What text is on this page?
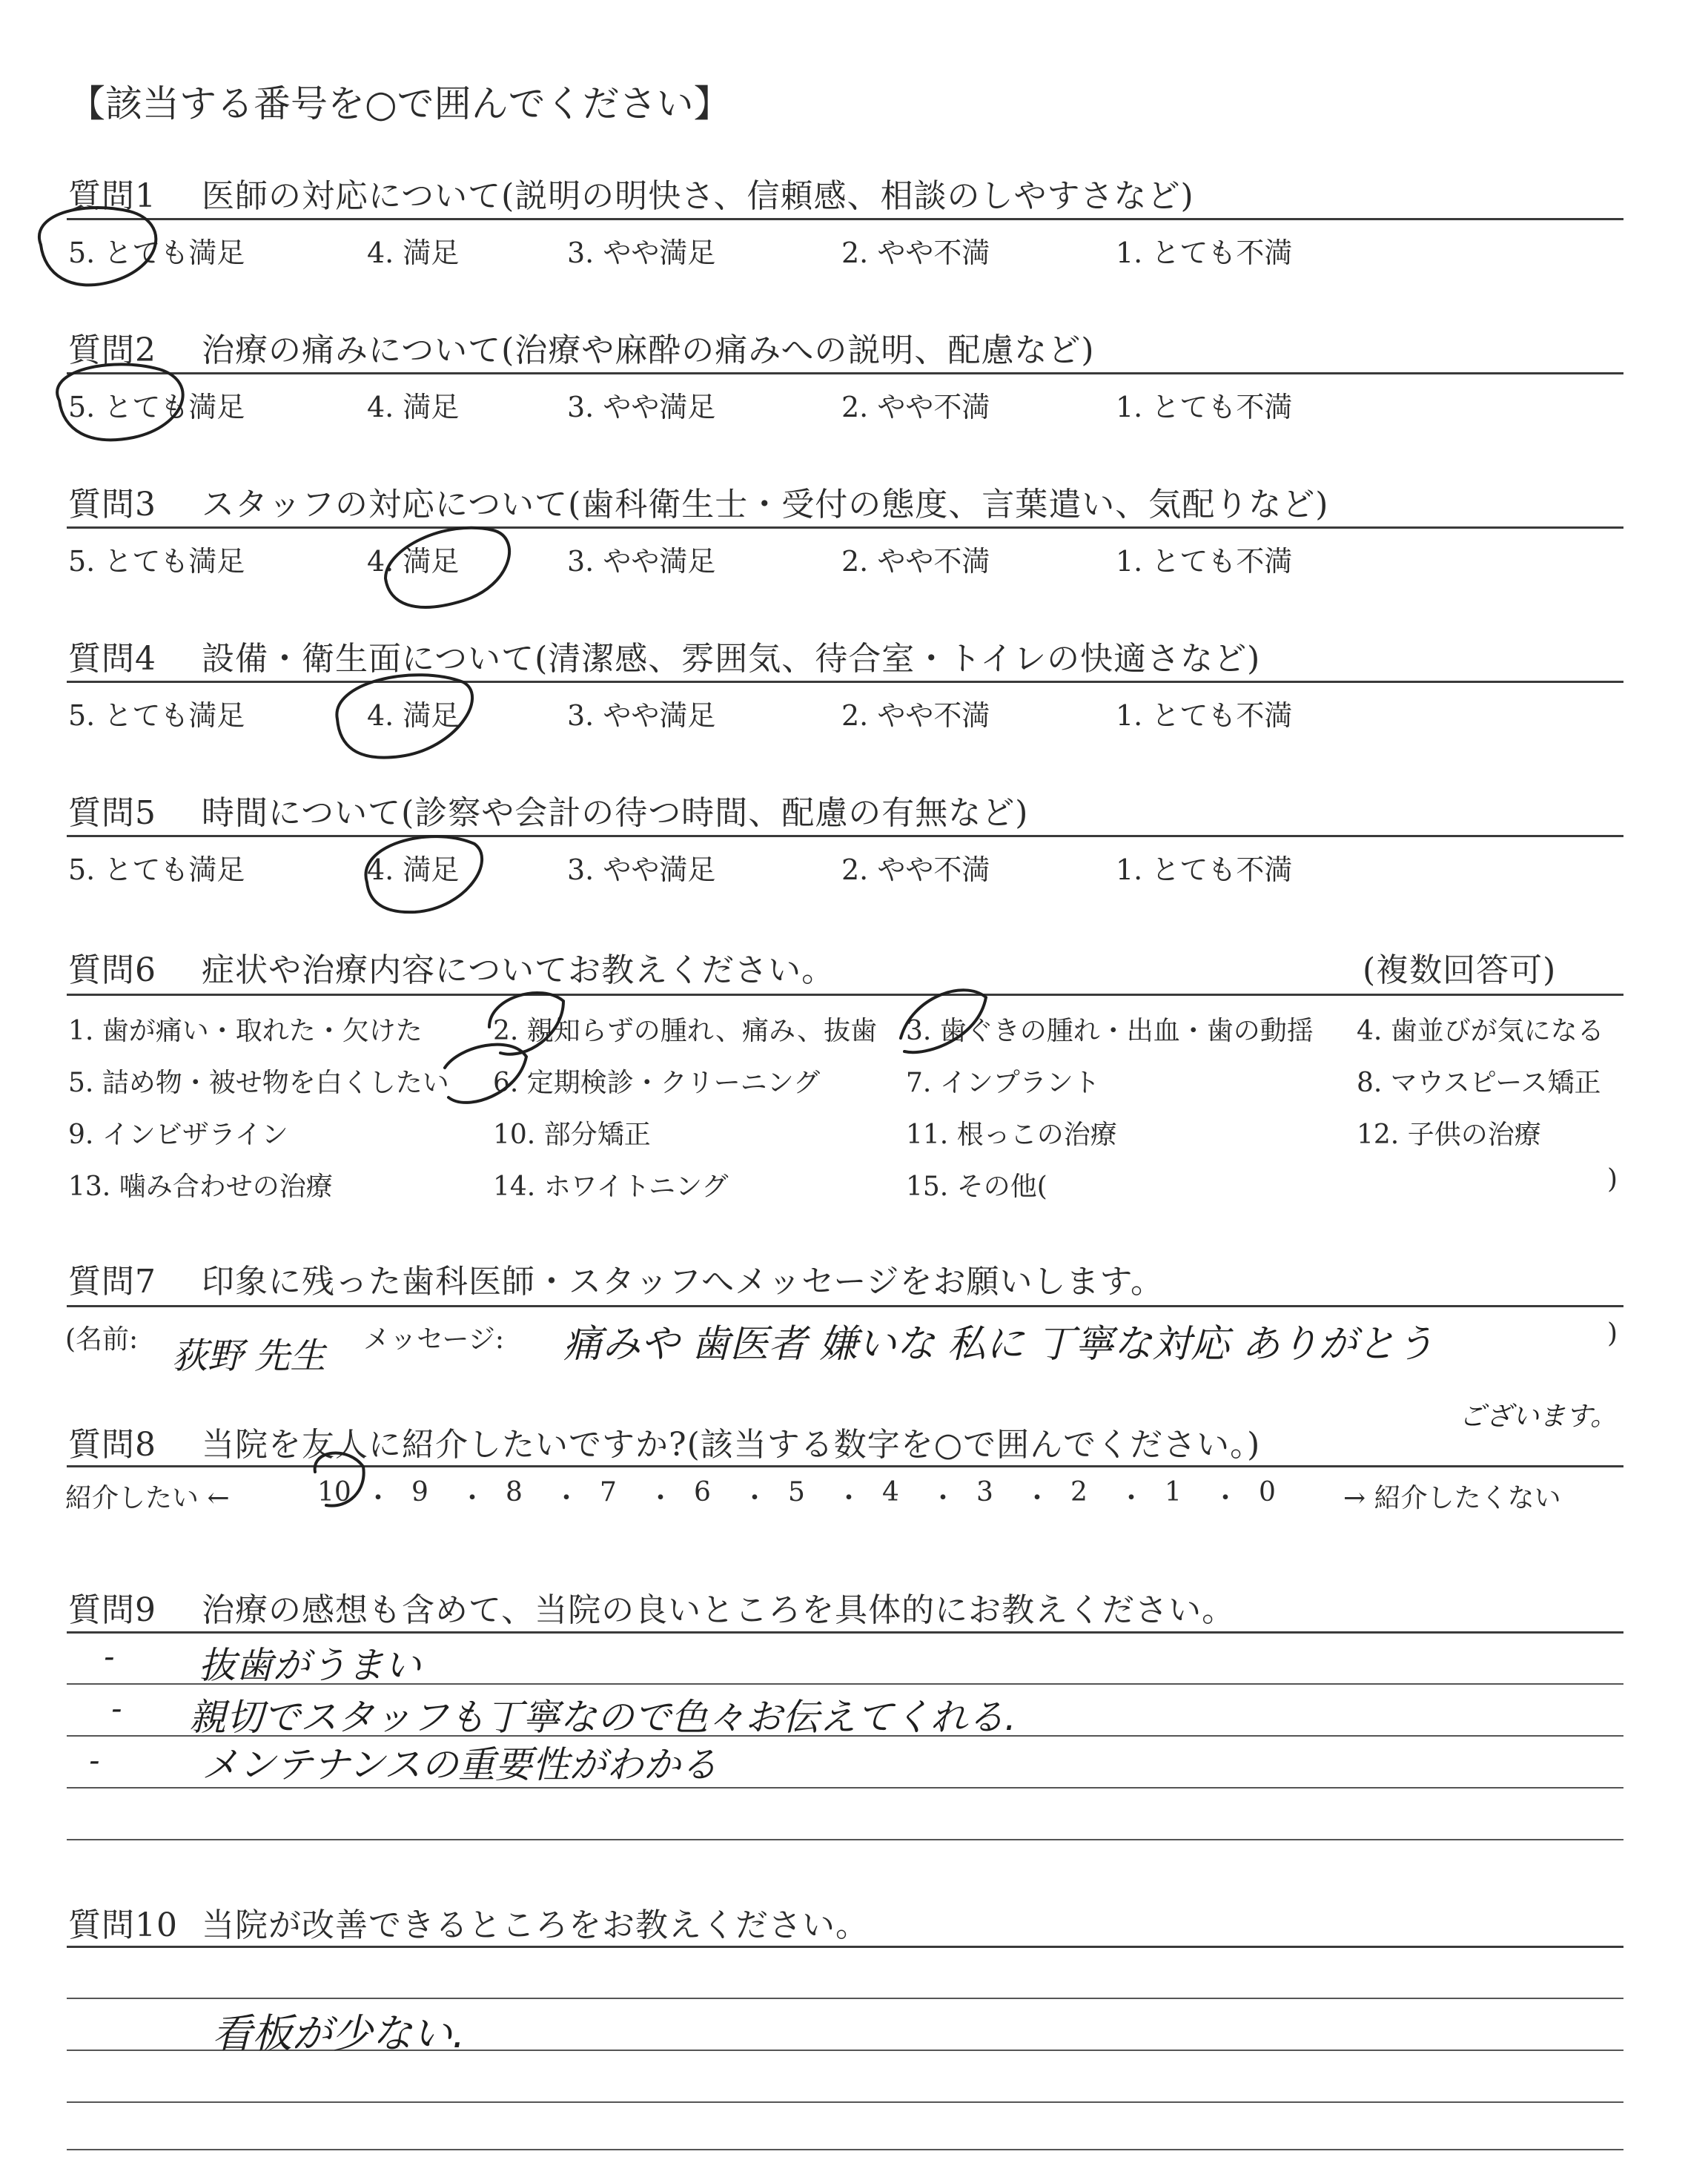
【該当する番号を○で囲んでください】
質問1 医師の対応について(説明の明快さ、信頼感、相談のしやすさなど)
5. とても満足	4. 満足	3. やや満足	2. やや不満	1. とても不満
質問2 治療の痛みについて(治療や麻酔の痛みへの説明、配慮など)
5. とても満足	4. 満足	3. やや満足	2. やや不満	1. とても不満
質問3 スタッフの対応について(歯科衛生士・受付の態度、言葉遣い、気配りなど)
5. とても満足	4. 満足	3. やや満足	2. やや不満	1. とても不満
質問4 設備・衛生面について(清潔感、雰囲気、待合室・トイレの快適さなど)
5. とても満足	4. 満足	3. やや満足	2. やや不満	1. とても不満
質問5 時間について(診察や会計の待つ時間、配慮の有無など)
5. とても満足	4. 満足	3. やや満足	2. やや不満	1. とても不満
質問6 症状や治療内容についてお教えください。	(複数回答可)
1. 歯が痛い・取れた・欠けた	2. 親知らずの腫れ、痛み、抜歯 3. 歯ぐきの腫れ・出血・歯の動揺 4. 歯並びが気になる
5. 詰め物・被せ物を白くしたい 6. 定期検診・クリーニング	7. インプラント	8. マウスピース矯正
9. インビザライン	10. 部分矯正	11. 根っこの治療	12. 子供の治療
13. 噛み合わせの治療	14. ホワイトニング	15. その他(	)
質問7 印象に残った歯科医師・スタッフへメッセージをお願いします。
(名前: 荻野 先生 メッセージ: 痛みや 歯医者 嫌いな 私に 丁寧な対応 ありがとう	)
ございます。
質問8 当院を友人に紹介したいですか?(該当する数字を○で囲んでください。)
紹介したい ←	10 ・ 9 ・ 8 ・ 7 ・ 6 ・ 5 ・ 4 ・ 3 ・ 2 ・ 1 ・ 0	→ 紹介したくない
質問9 治療の感想も含めて、当院の良いところを具体的にお教えください。
- 抜歯がうまい
- 親切でスタッフも丁寧なので色々お伝えてくれる.
-	メンテナンスの重要性がわかる
質問10 当院が改善できるところをお教えください。
看板が少ない.
